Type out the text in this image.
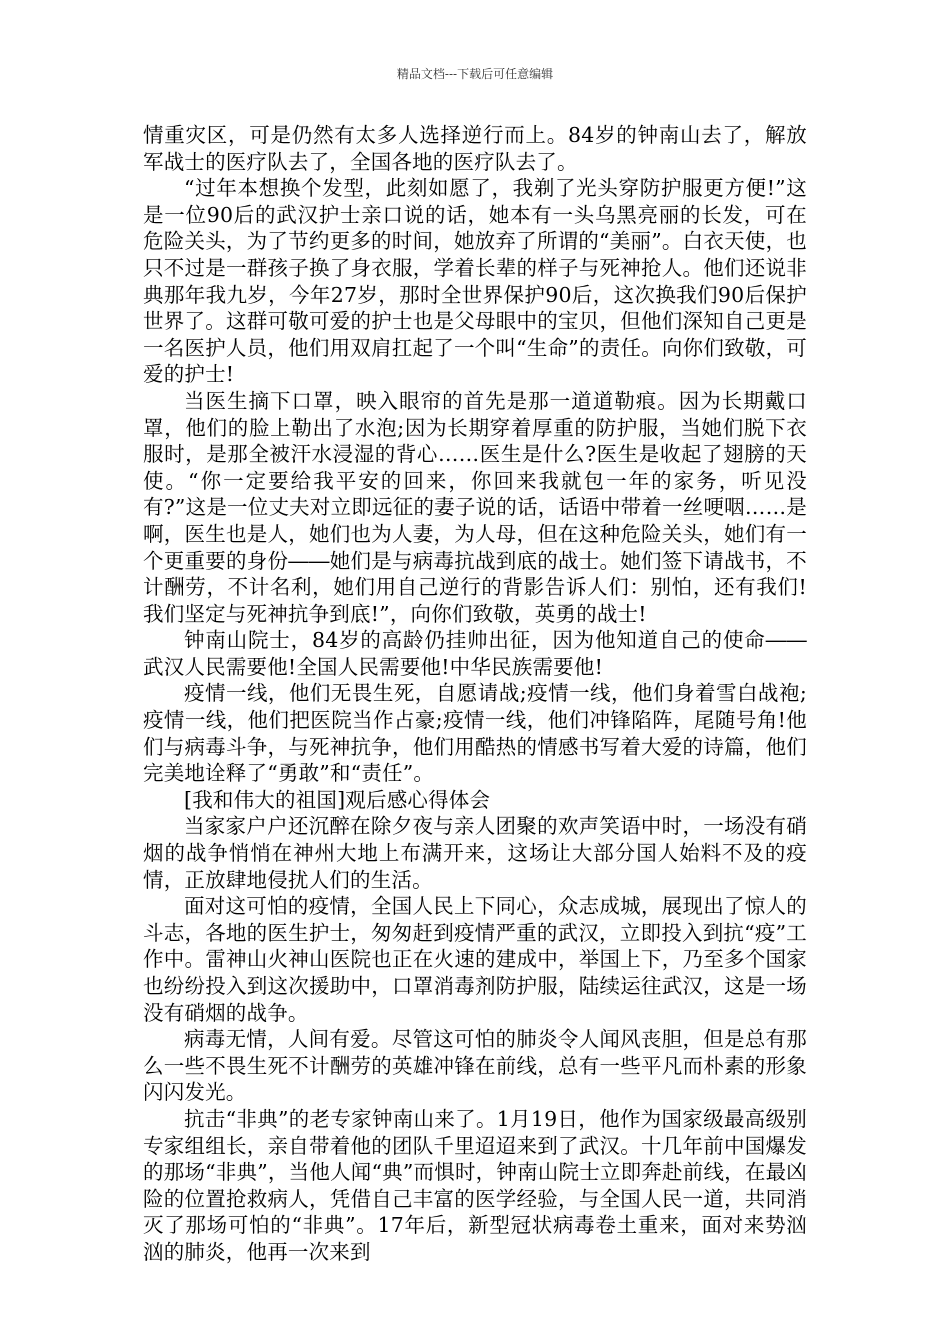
精品文档---下载后可任意编辑

情重灾区，可是仍然有太多人选择逆行而上。84岁的钟南山去了，解放军战士的医疗队去了，全国各地的医疗队去了。

“过年本想换个发型，此刻如愿了，我剃了光头穿防护服更方便!”这是一位90后的武汉护士亲口说的话，她本有一头乌黑亮丽的长发，可在危险关头，为了节约更多的时间，她放弃了所谓的“美丽”。白衣天使，也只不过是一群孩子换了身衣服，学着长辈的样子与死神抢人。他们还说非典那年我九岁，今年27岁，那时全世界保护90后，这次换我们90后保护世界了。这群可敬可爱的护士也是父母眼中的宝贝，但他们深知自己更是一名医护人员，他们用双肩扛起了一个叫“生命”的责任。向你们致敬，可爱的护士!

当医生摘下口罩，映入眼帘的首先是那一道道勒痕。因为长期戴口罩，他们的脸上勒出了水泡;因为长期穿着厚重的防护服，当她们脱下衣服时，是那全被汗水浸湿的背心……医生是什么?医生是收起了翅膀的天使。“你一定要给我平安的回来，你回来我就包一年的家务，听见没有?”这是一位丈夫对立即远征的妻子说的话，话语中带着一丝哽咽……是啊，医生也是人，她们也为人妻，为人母，但在这种危险关头，她们有一个更重要的身份――她们是与病毒抗战到底的战士。她们签下请战书，不计酬劳，不计名利，她们用自己逆行的背影告诉人们：别怕，还有我们!我们坚定与死神抗争到底!”，向你们致敬，英勇的战士!

钟南山院士，84岁的高龄仍挂帅出征，因为他知道自己的使命――武汉人民需要他!全国人民需要他!中华民族需要他!

疫情一线，他们无畏生死，自愿请战;疫情一线，他们身着雪白战袍;疫情一线，他们把医院当作占豪;疫情一线，他们冲锋陷阵，尾随号角!他们与病毒斗争，与死神抗争，他们用酷热的情感书写着大爱的诗篇，他们完美地诠释了“勇敢”和“责任”。

[我和伟大的祖国]观后感心得体会

当家家户户还沉醉在除夕夜与亲人团聚的欢声笑语中时，一场没有硝烟的战争悄悄在神州大地上布满开来，这场让大部分国人始料不及的疫情，正放肆地侵扰人们的生活。

面对这可怕的疫情，全国人民上下同心，众志成城，展现出了惊人的斗志，各地的医生护士，匆匆赶到疫情严重的武汉，立即投入到抗“疫”工作中。雷神山火神山医院也正在火速的建成中，举国上下，乃至多个国家也纷纷投入到这次援助中，口罩消毒剂防护服，陆续运往武汉，这是一场没有硝烟的战争。

病毒无情，人间有爱。尽管这可怕的肺炎令人闻风丧胆，但是总有那么一些不畏生死不计酬劳的英雄冲锋在前线，总有一些平凡而朴素的形象闪闪发光。

抗击“非典”的老专家钟南山来了。1月19日，他作为国家级最高级别专家组组长，亲自带着他的团队千里迢迢来到了武汉。十几年前中国爆发的那场“非典”，当他人闻“典”而惧时，钟南山院士立即奔赴前线，在最凶险的位置抢救病人，凭借自己丰富的医学经验，与全国人民一道，共同消灭了那场可怕的“非典”。17年后，新型冠状病毒卷土重来，面对来势汹汹的肺炎，他再一次来到
